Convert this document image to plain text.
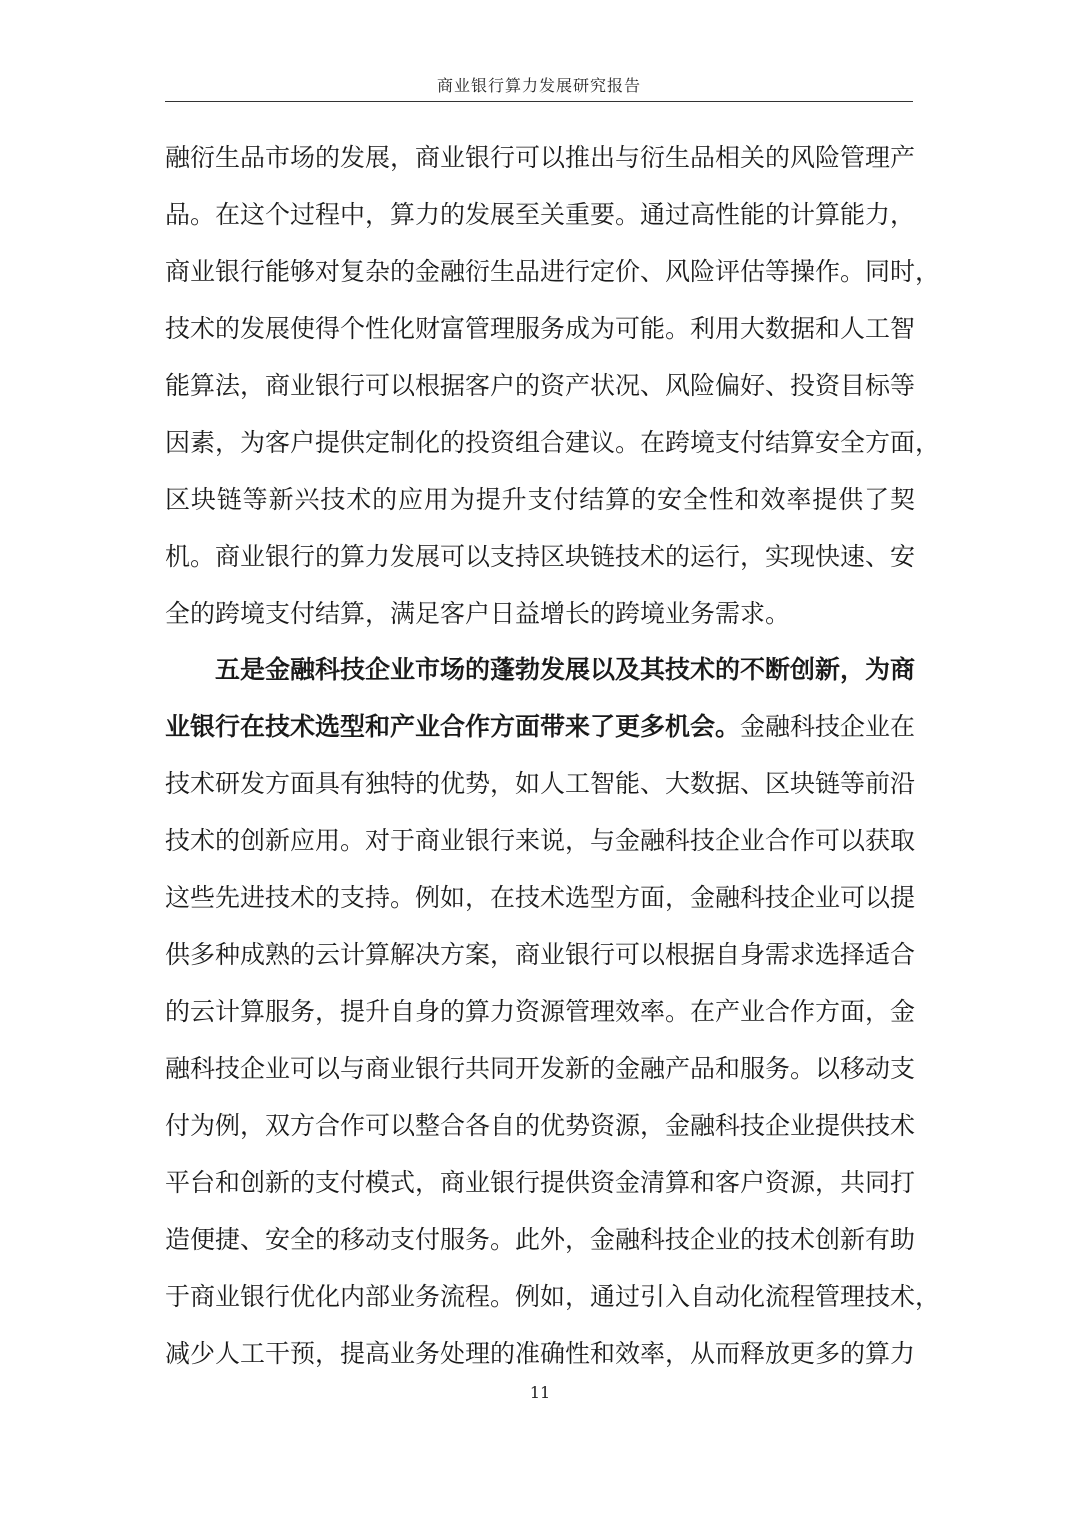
商业银行算力发展研究报告
融衍生品市场的发展，商业银行可以推出与衍生品相关的风险管理产
品。在这个过程中，算力的发展至关重要。通过高性能的计算能力，
商业银行能够对复杂的金融衍生品进行定价、风险评估等操作。同时，
技术的发展使得个性化财富管理服务成为可能。利用大数据和人工智
能算法，商业银行可以根据客户的资产状况、风险偏好、投资目标等
因素，为客户提供定制化的投资组合建议。在跨境支付结算安全方面，
区块链等新兴技术的应用为提升支付结算的安全性和效率提供了契
机。商业银行的算力发展可以支持区块链技术的运行，实现快速、安
全的跨境支付结算，满足客户日益增长的跨境业务需求。
五是金融科技企业市场的蓬勃发展以及其技术的不断创新，为商
业银行在技术选型和产业合作方面带来了更多机会。金融科技企业在
技术研发方面具有独特的优势，如人工智能、大数据、区块链等前沿
技术的创新应用。对于商业银行来说，与金融科技企业合作可以获取
这些先进技术的支持。例如，在技术选型方面，金融科技企业可以提
供多种成熟的云计算解决方案，商业银行可以根据自身需求选择适合
的云计算服务，提升自身的算力资源管理效率。在产业合作方面，金
融科技企业可以与商业银行共同开发新的金融产品和服务。以移动支
付为例，双方合作可以整合各自的优势资源，金融科技企业提供技术
平台和创新的支付模式，商业银行提供资金清算和客户资源，共同打
造便捷、安全的移动支付服务。此外，金融科技企业的技术创新有助
于商业银行优化内部业务流程。例如，通过引入自动化流程管理技术，
减少人工干预，提高业务处理的准确性和效率，从而释放更多的算力
11
